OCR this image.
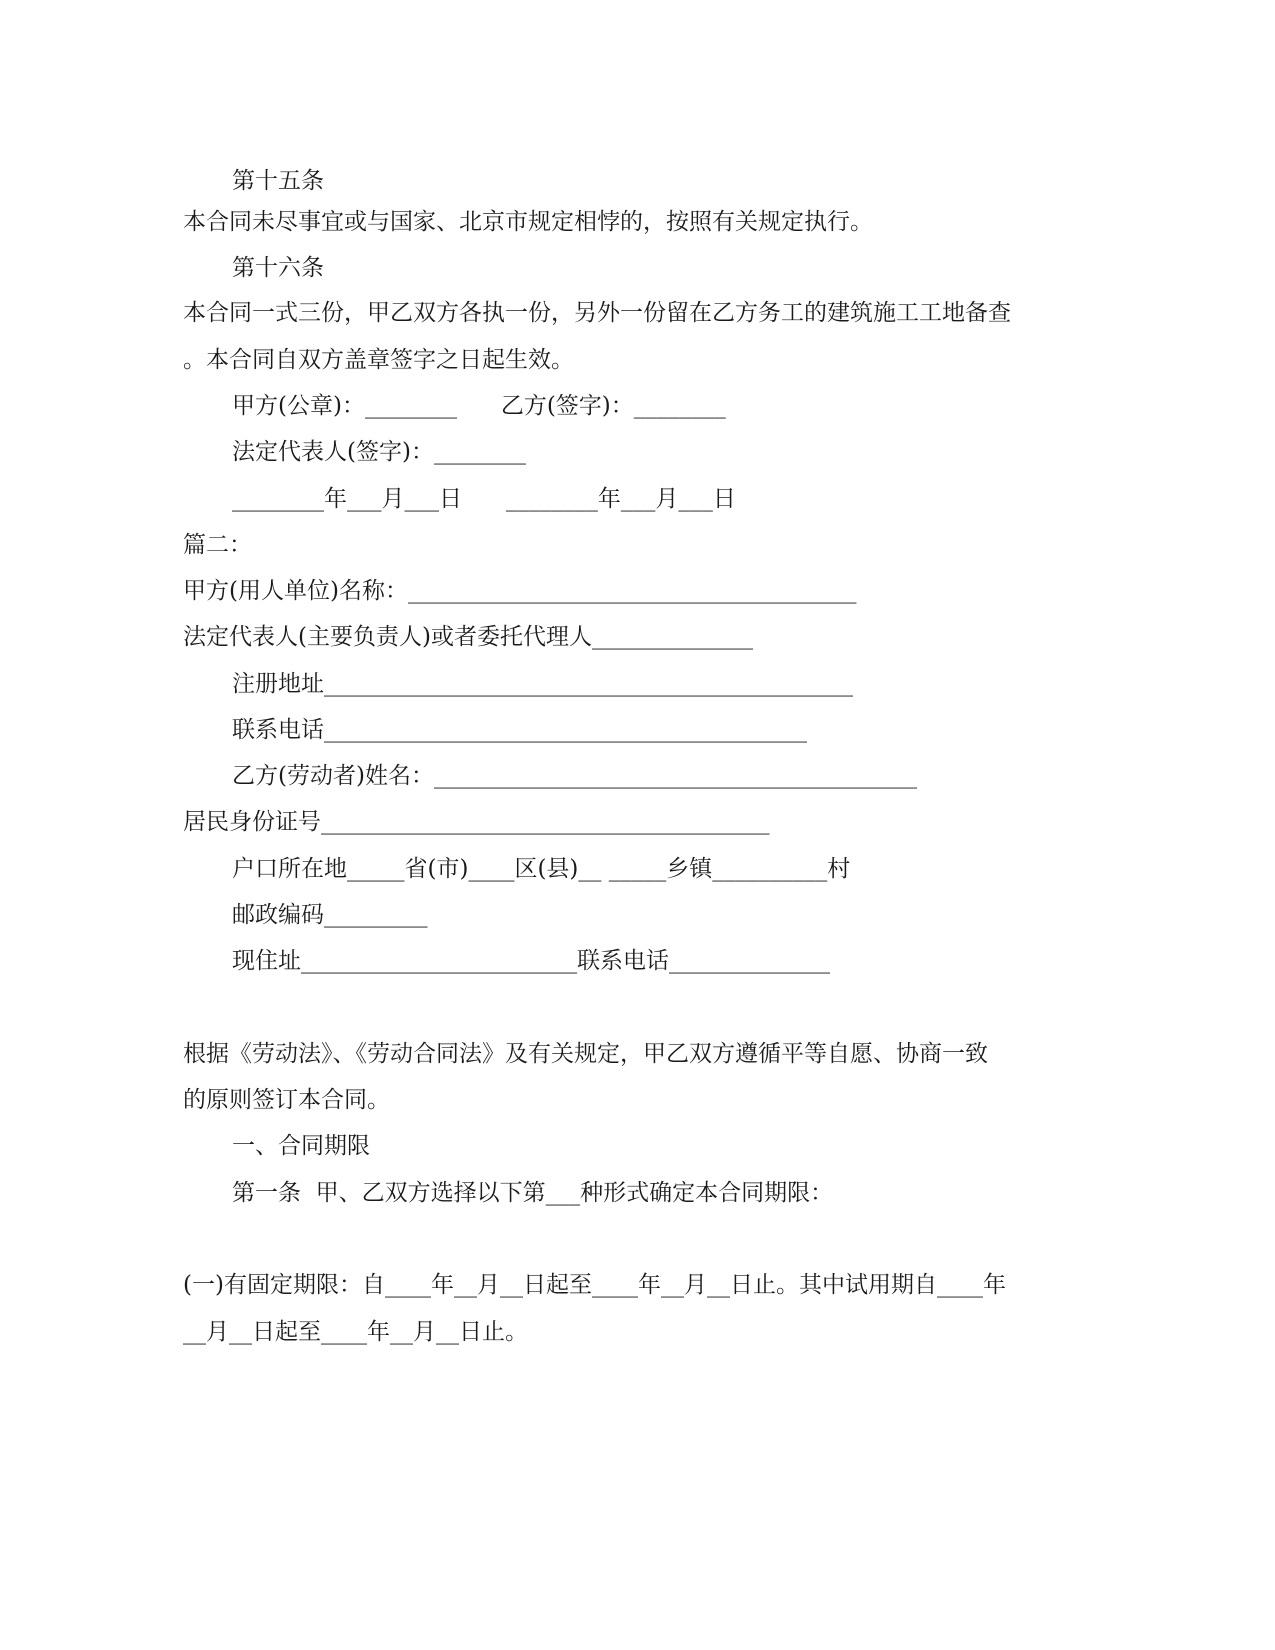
第十五条
本合同未尽事宜或与国家、北京市规定相悖的，按照有关规定执行。
第十六条
本合同一式三份，甲乙双方各执一份，另外一份留在乙方务工的建筑施工工地备查
。本合同自双方盖章签字之日起生效。
甲方(公章)：________      乙方(签字)：________
法定代表人(签字)：________
________年___月___日      ________年___月___日
篇二：
甲方(用人单位)名称：_______________________________________
法定代表人(主要负责人)或者委托代理人______________
注册地址______________________________________________
联系电话__________________________________________
乙方(劳动者)姓名：__________________________________________
居民身份证号_______________________________________
户口所在地_____省(市)____区(县)__ _____乡镇__________村
邮政编码_________
现住址________________________联系电话______________
根据《劳动法》、《劳动合同法》及有关规定，甲乙双方遵循平等自愿、协商一致
的原则签订本合同。
一、合同期限
第一条  甲、乙双方选择以下第___种形式确定本合同期限：
(一)有固定期限：自____年__月__日起至____年__月__日止。其中试用期自____年
__月__日起至____年__月__日止。
